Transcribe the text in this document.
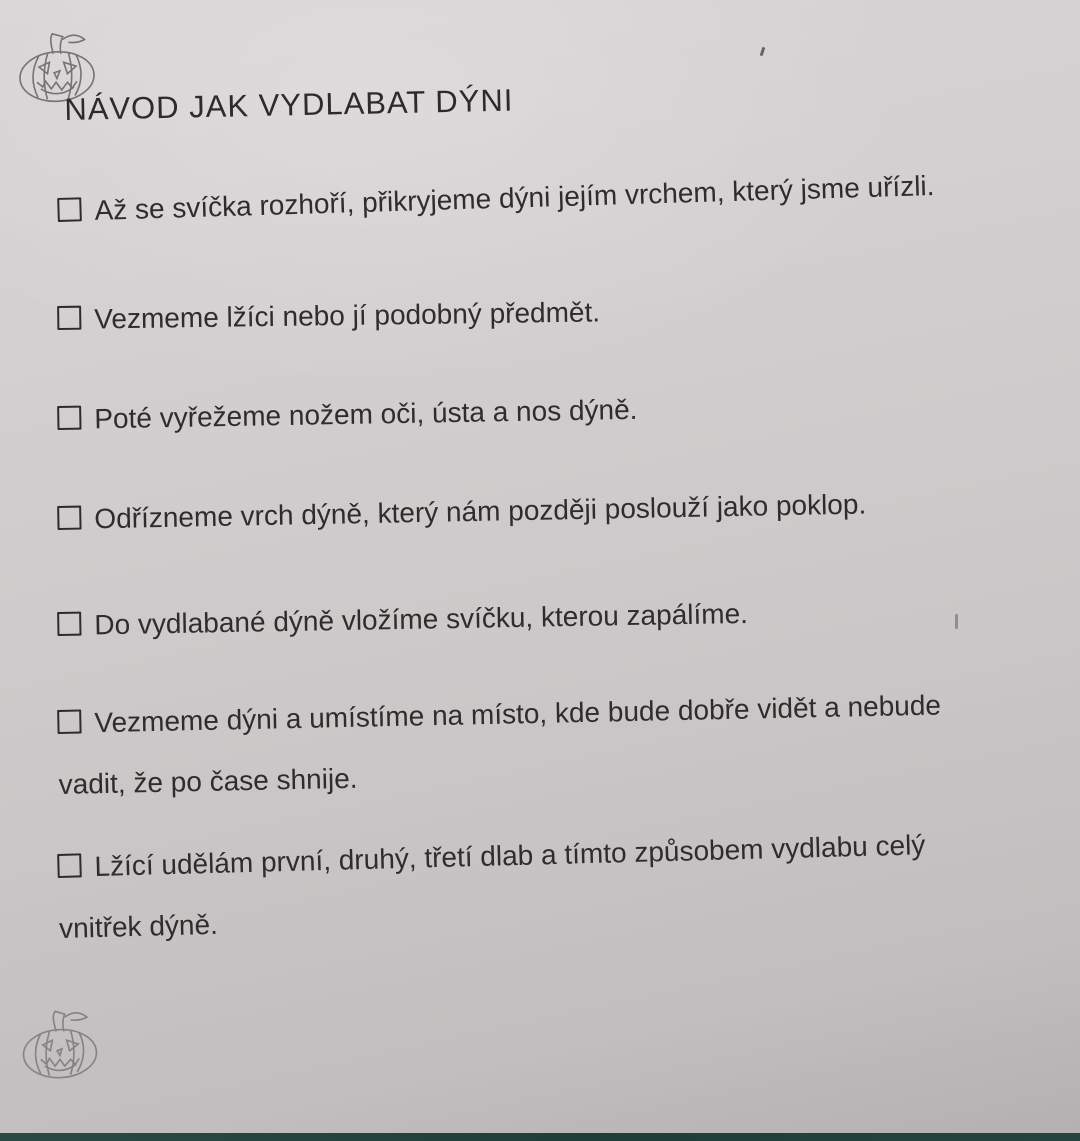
NÁVOD JAK VYDLABAT DÝNI
Až se svíčka rozhoří, přikryjeme dýni jejím vrchem, který jsme uřízli.
Vezmeme lžíci nebo jí podobný předmět.
Poté vyřežeme nožem oči, ústa a nos dýně.
Odřízneme vrch dýně, který nám později poslouží jako poklop.
Do vydlabané dýně vložíme svíčku, kterou zapálíme.
Vezmeme dýni a umístíme na místo, kde bude dobře vidět a nebude
vadit, že po čase shnije.
Lžící udělám první, druhý, třetí dlab a tímto způsobem vydlabu celý
vnitřek dýně.
